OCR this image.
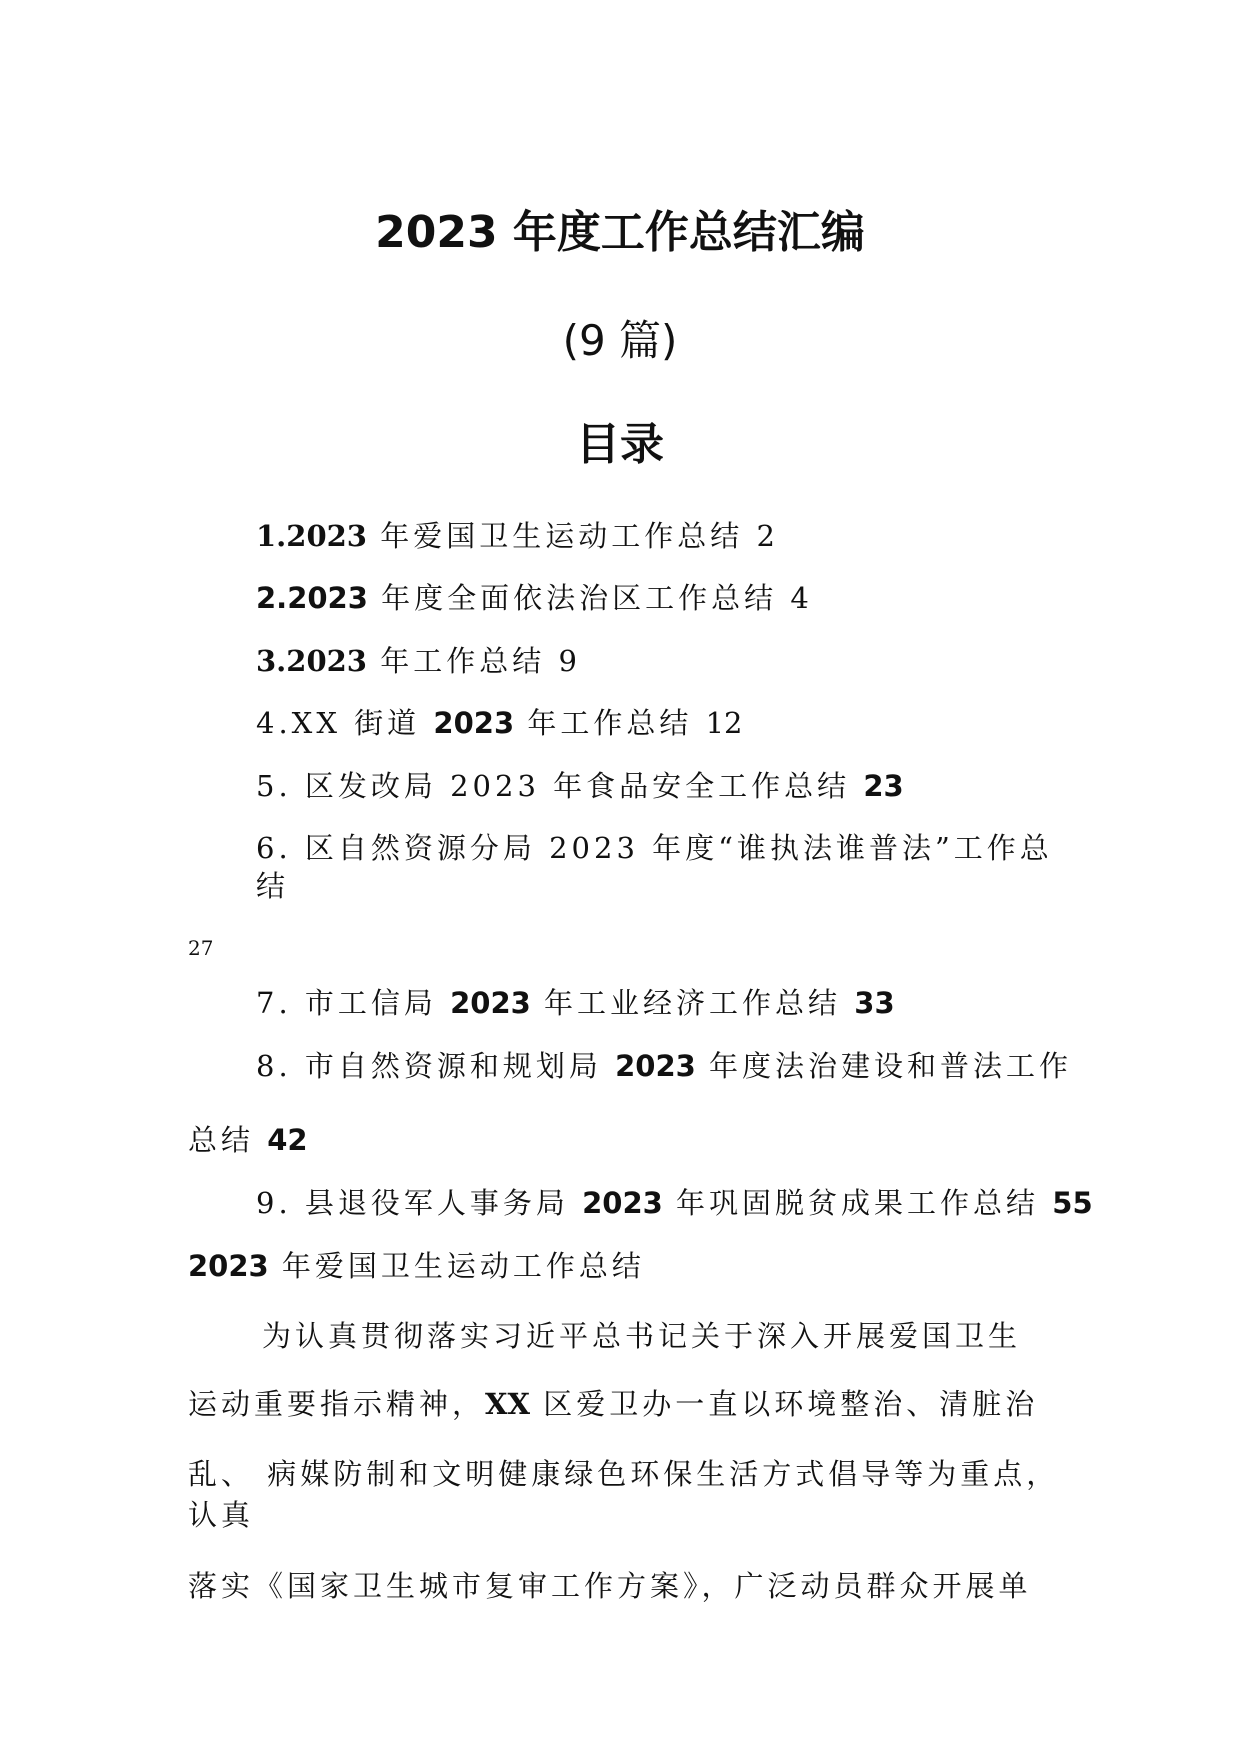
2023 年度工作总结汇编
(9 篇)
目录
1.2023 年爱国卫生运动工作总结 2
2.2023 年度全面依法治区工作总结 4
3.2023 年工作总结 9
4.XX 街道 2023 年工作总结 12
5. 区发改局 2023 年食品安全工作总结 23
6. 区自然资源分局 2023 年度“谁执法谁普法”工作总
结
27
7. 市工信局 2023 年工业经济工作总结 33
8. 市自然资源和规划局 2023 年度法治建设和普法工作
总结 42
9. 县退役军人事务局 2023 年巩固脱贫成果工作总结 55
2023 年爱国卫生运动工作总结
为认真贯彻落实习近平总书记关于深入开展爱国卫生
运动重要指示精神，XX 区爱卫办一直以环境整治、清脏治
乱、 病媒防制和文明健康绿色环保生活方式倡导等为重点，
认真
落实《国家卫生城市复审工作方案》，广泛动员群众开展单
